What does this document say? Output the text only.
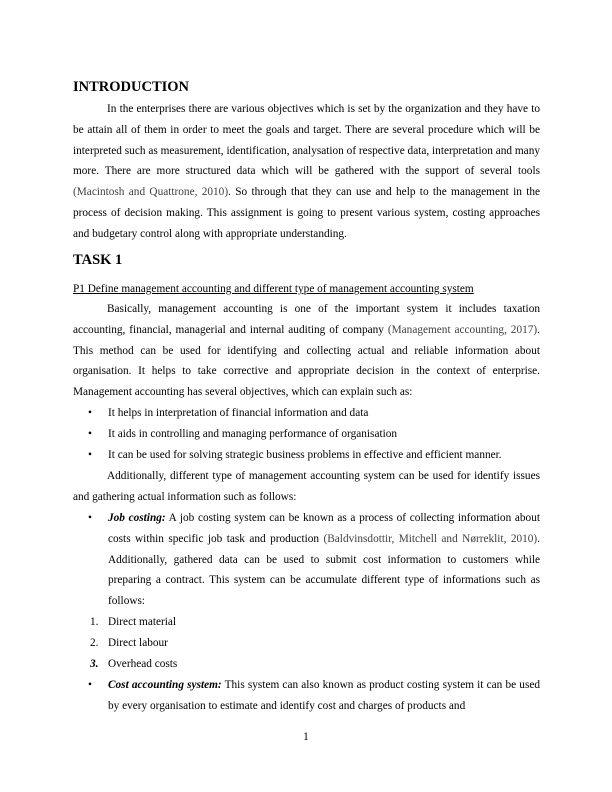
INTRODUCTION

In the enterprises there are various objectives which is set by the organization and they have to be attain all of them in order to meet the goals and target. There are several procedure which will be interpreted such as measurement, identification, analysation of respective data, interpretation and many more. There are more structured data which will be gathered with the support of several tools (Macintosh and Quattrone, 2010). So through that they can use and help to the management in the process of decision making. This assignment is going to present various system, costing approaches and budgetary control along with appropriate understanding.

TASK 1

P1 Define management accounting and different type of management accounting system

Basically, management accounting is one of the important system it includes taxation accounting, financial, managerial and internal auditing of company (Management accounting, 2017). This method can be used for identifying and collecting actual and reliable information about organisation. It helps to take corrective and appropriate decision in the context of enterprise. Management accounting has several objectives, which can explain such as:

• It helps in interpretation of financial information and data

• It aids in controlling and managing performance of organisation

• It can be used for solving strategic business problems in effective and efficient manner.

Additionally, different type of management accounting system can be used for identify issues and gathering actual information such as follows:

• Job costing: A job costing system can be known as a process of collecting information about costs within specific job task and production (Baldvinsdottir, Mitchell and Nørreklit, 2010). Additionally, gathered data can be used to submit cost information to customers while preparing a contract. This system can be accumulate different type of informations such as follows:

1. Direct material

2. Direct labour

3. Overhead costs

• Cost accounting system: This system can also known as product costing system it can be used by every organisation to estimate and identify cost and charges of products and

1
